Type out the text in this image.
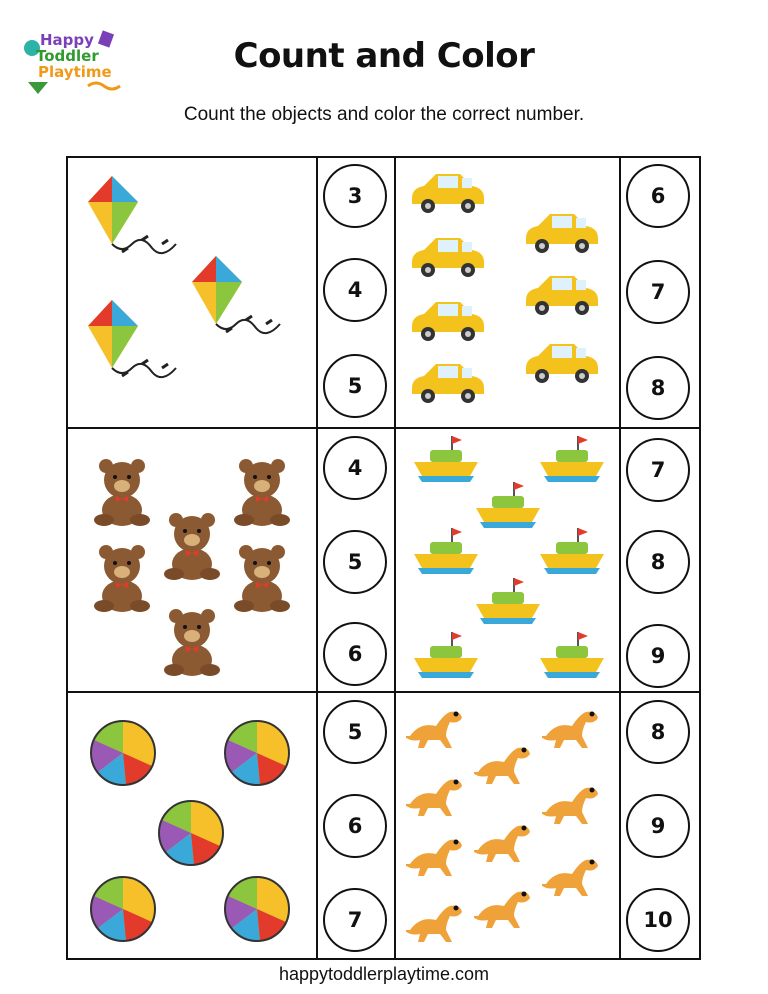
Happy
Toddler
Playtime	Count and Color
Count the objects and color the correct number.
3
4
5
6
7
8
4
5
6
7
8
9
5
6
7
8
9
10
happytoddlerplaytime.com
